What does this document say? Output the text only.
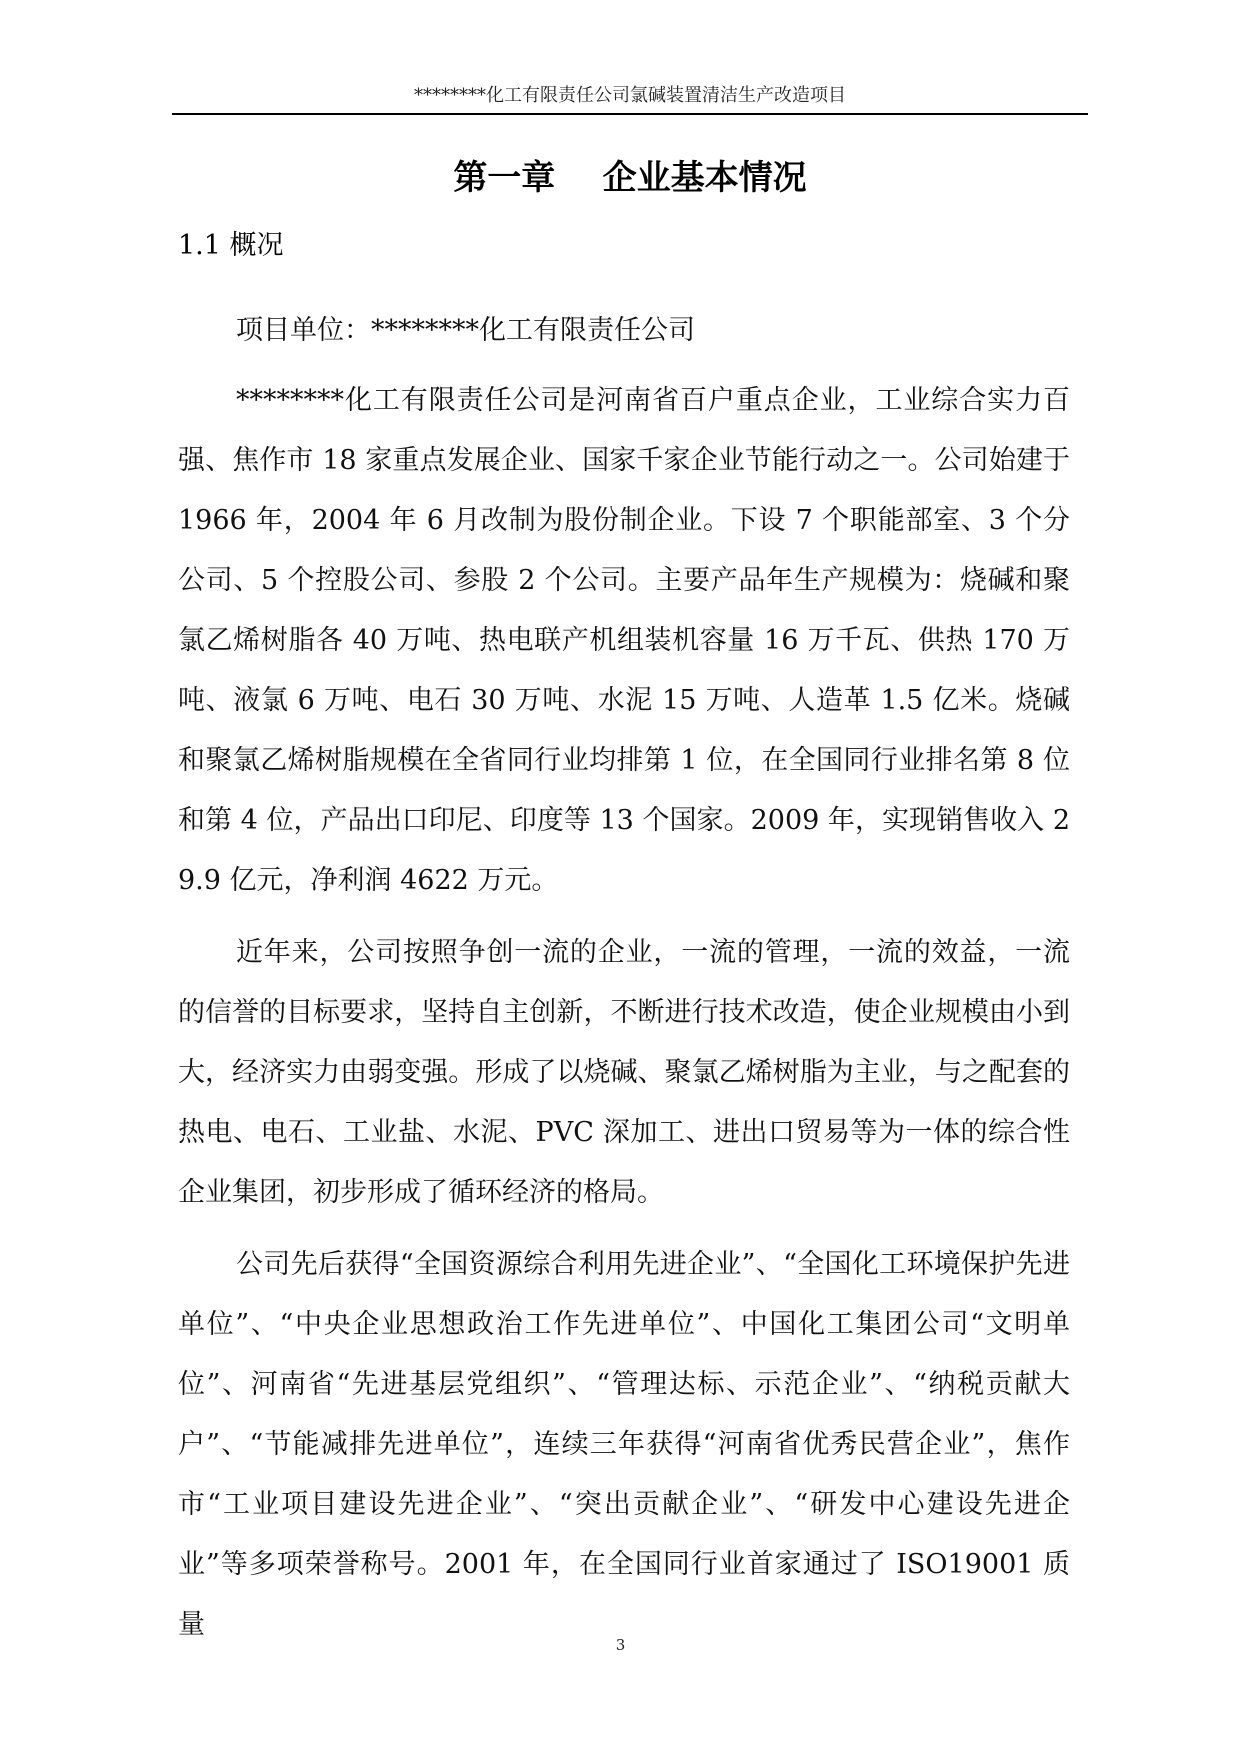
********化工有限责任公司氯碱装置清洁生产改造项目
第一章    企业基本情况
1.1 概况

项目单位：********化工有限责任公司

********化工有限责任公司是河南省百户重点企业，工业综合实力百强、焦作市 18 家重点发展企业、国家千家企业节能行动之一。公司始建于 1966 年，2004 年 6 月改制为股份制企业。下设 7 个职能部室、3 个分公司、5 个控股公司、参股 2 个公司。主要产品年生产规模为：烧碱和聚氯乙烯树脂各 40 万吨、热电联产机组装机容量 16 万千瓦、供热 170 万吨、液氯 6 万吨、电石 30 万吨、水泥 15 万吨、人造革 1.5 亿米。烧碱和聚氯乙烯树脂规模在全省同行业均排第 1 位，在全国同行业排名第 8 位和第 4 位，产品出口印尼、印度等 13 个国家。2009 年，实现销售收入 29.9 亿元，净利润 4622 万元。

近年来，公司按照争创一流的企业，一流的管理，一流的效益，一流的信誉的目标要求，坚持自主创新，不断进行技术改造，使企业规模由小到大，经济实力由弱变强。形成了以烧碱、聚氯乙烯树脂为主业，与之配套的热电、电石、工业盐、水泥、PVC 深加工、进出口贸易等为一体的综合性企业集团，初步形成了循环经济的格局。

公司先后获得“全国资源综合利用先进企业”、“全国化工环境保护先进单位”、“中央企业思想政治工作先进单位”、中国化工集团公司“文明单位”、河南省“先进基层党组织”、“管理达标、示范企业”、“纳税贡献大户”、“节能减排先进单位”，连续三年获得“河南省优秀民营企业”，焦作市“工业项目建设先进企业”、“突出贡献企业”、“研发中心建设先进企业”等多项荣誉称号。2001 年，在全国同行业首家通过了 ISO19001 质量

3
